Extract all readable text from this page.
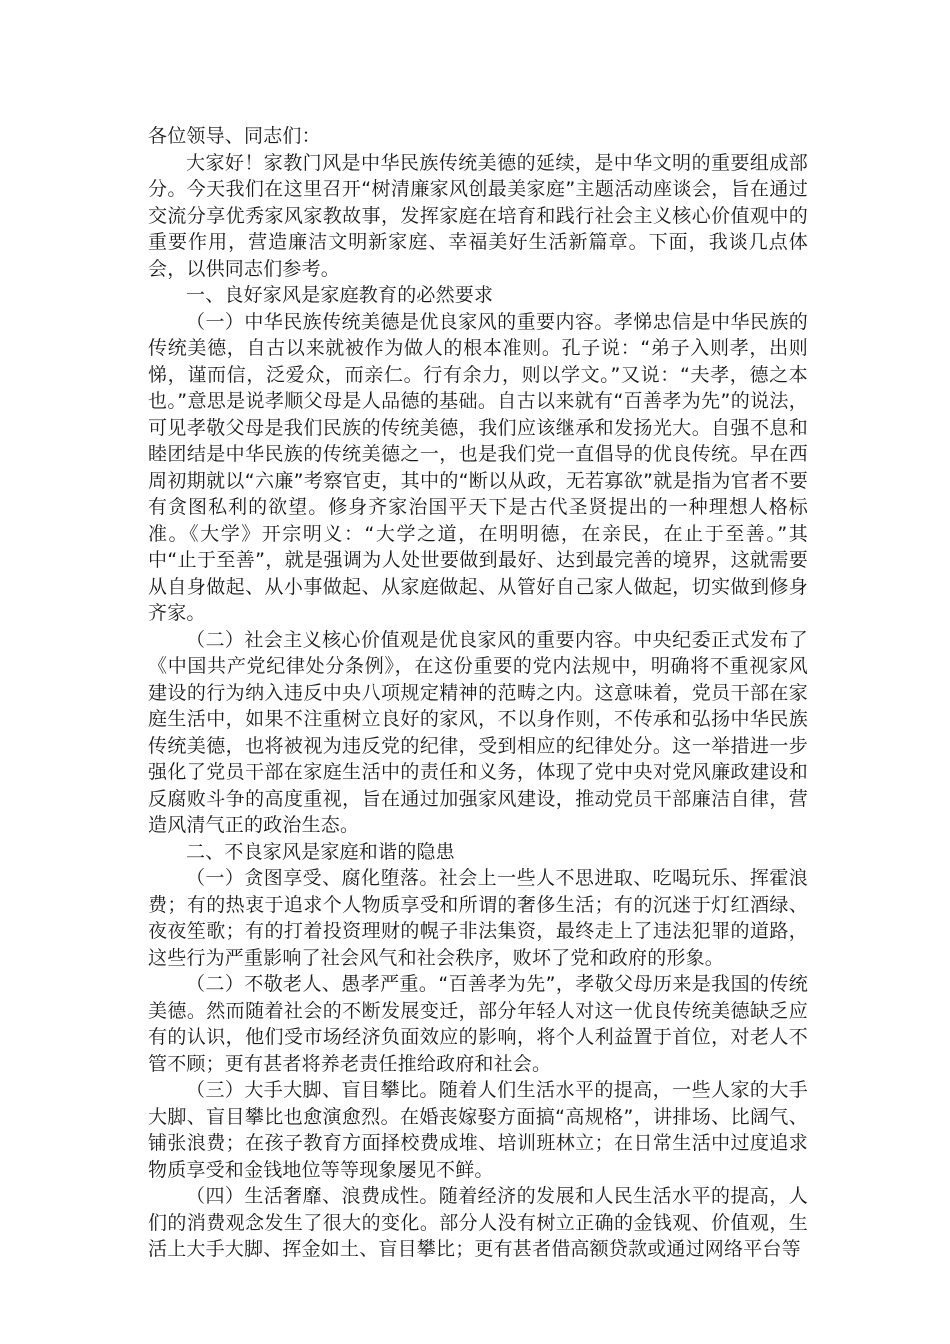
各位领导、同志们：

大家好！家教门风是中华民族传统美德的延续，是中华文明的重要组成部分。今天我们在这里召开“树清廉家风创最美家庭”主题活动座谈会，旨在通过交流分享优秀家风家教故事，发挥家庭在培育和践行社会主义核心价值观中的重要作用，营造廉洁文明新家庭、幸福美好生活新篇章。下面，我谈几点体会，以供同志们参考。

一、良好家风是家庭教育的必然要求

（一）中华民族传统美德是优良家风的重要内容。孝悌忠信是中华民族的传统美德，自古以来就被作为做人的根本准则。孔子说：“弟子入则孝，出则悌，谨而信，泛爱众，而亲仁。行有余力，则以学文。”又说：“夫孝，德之本也。”意思是说孝顺父母是人品德的基础。自古以来就有“百善孝为先”的说法，可见孝敬父母是我们民族的传统美德，我们应该继承和发扬光大。自强不息和睦团结是中华民族的传统美德之一，也是我们党一直倡导的优良传统。早在西周初期就以“六廉”考察官吏，其中的“断以从政，无若寡欲”就是指为官者不要有贪图私利的欲望。修身齐家治国平天下是古代圣贤提出的一种理想人格标准。《大学》开宗明义：“大学之道，在明明德，在亲民，在止于至善。”其中“止于至善”，就是强调为人处世要做到最好、达到最完善的境界，这就需要从自身做起、从小事做起、从家庭做起、从管好自己家人做起，切实做到修身齐家。

（二）社会主义核心价值观是优良家风的重要内容。中央纪委正式发布了《中国共产党纪律处分条例》，在这份重要的党内法规中，明确将不重视家风建设的行为纳入违反中央八项规定精神的范畴之内。这意味着，党员干部在家庭生活中，如果不注重树立良好的家风，不以身作则，不传承和弘扬中华民族传统美德，也将被视为违反党的纪律，受到相应的纪律处分。这一举措进一步强化了党员干部在家庭生活中的责任和义务，体现了党中央对党风廉政建设和反腐败斗争的高度重视，旨在通过加强家风建设，推动党员干部廉洁自律，营造风清气正的政治生态。

二、不良家风是家庭和谐的隐患

（一）贪图享受、腐化堕落。社会上一些人不思进取、吃喝玩乐、挥霍浪费；有的热衷于追求个人物质享受和所谓的奢侈生活；有的沉迷于灯红酒绿、夜夜笙歌；有的打着投资理财的幌子非法集资，最终走上了违法犯罪的道路，这些行为严重影响了社会风气和社会秩序，败坏了党和政府的形象。

（二）不敬老人、愚孝严重。“百善孝为先”，孝敬父母历来是我国的传统美德。然而随着社会的不断发展变迁，部分年轻人对这一优良传统美德缺乏应有的认识，他们受市场经济负面效应的影响，将个人利益置于首位，对老人不管不顾；更有甚者将养老责任推给政府和社会。

（三）大手大脚、盲目攀比。随着人们生活水平的提高，一些人家的大手大脚、盲目攀比也愈演愈烈。在婚丧嫁娶方面搞“高规格”，讲排场、比阔气、铺张浪费；在孩子教育方面择校费成堆、培训班林立；在日常生活中过度追求物质享受和金钱地位等等现象屡见不鲜。

（四）生活奢靡、浪费成性。随着经济的发展和人民生活水平的提高，人们的消费观念发生了很大的变化。部分人没有树立正确的金钱观、价值观，生活上大手大脚、挥金如土、盲目攀比；更有甚者借高额贷款或通过网络平台等
